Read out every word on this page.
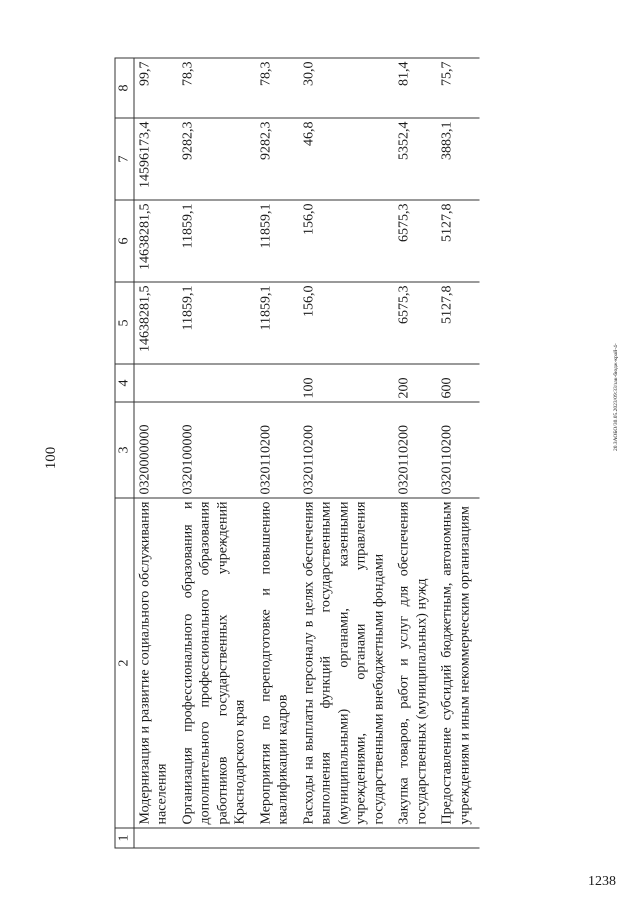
100
20.ЗАОБО/30.05.2023/09:33/зак-бюдж-край-4-
1238
1	2	3	4	5	6	7	8
	Модернизация и развитие социального обслуживания населения	0320000000		14638281,5	14638281,5	14596173,4	99,7
	Организация профессионального образования и дополнительного профессионального образования работников государственных учреждений Краснодарского края	0320100000		11859,1	11859,1	9282,3	78,3
	Мероприятия по переподготовке и повышению квалификации кадров	0320110200		11859,1	11859,1	9282,3	78,3
	Расходы на выплаты персоналу в целях обеспечения выполнения функций государственными (муниципальными) органами, казенными учреждениями, органами управления государственными внебюджетными фондами	0320110200	100	156,0	156,0	46,8	30,0
	Закупка товаров, работ и услуг для обеспечения государственных (муниципальных) нужд	0320110200	200	6575,3	6575,3	5352,4	81,4
	Предоставление субсидий бюджетным, автономным учреждениям и иным некоммерческим организациям	0320110200	600	5127,8	5127,8	3883,1	75,7
